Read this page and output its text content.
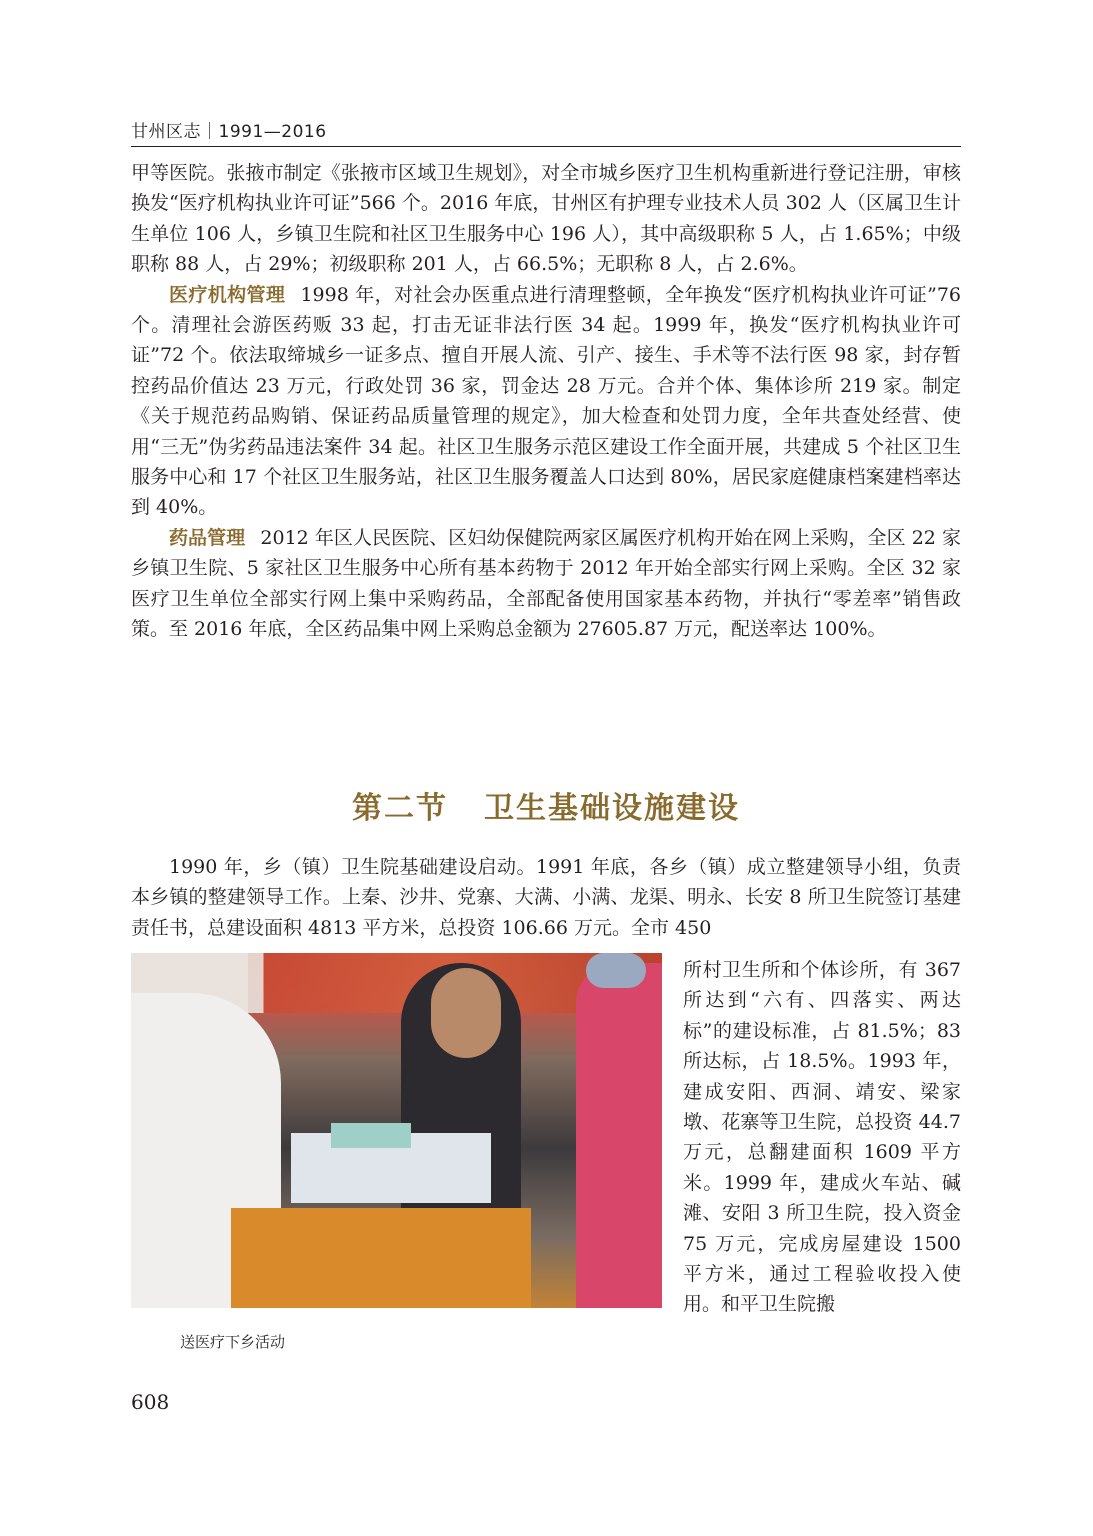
甘州区志｜1991—2016

甲等医院。张掖市制定《张掖市区域卫生规划》，对全市城乡医疗卫生机构重新进行登记注册，审核换发“医疗机构执业许可证”566 个。2016 年底，甘州区有护理专业技术人员 302 人（区属卫生计生单位 106 人，乡镇卫生院和社区卫生服务中心 196 人），其中高级职称 5 人，占 1.65%；中级职称 88 人，占 29%；初级职称 201 人，占 66.5%；无职称 8 人，占 2.6%。

医疗机构管理 1998 年，对社会办医重点进行清理整顿，全年换发“医疗机构执业许可证”76 个。清理社会游医药贩 33 起，打击无证非法行医 34 起。1999 年，换发“医疗机构执业许可证”72 个。依法取缔城乡一证多点、擅自开展人流、引产、接生、手术等不法行医 98 家，封存暂控药品价值达 23 万元，行政处罚 36 家，罚金达 28 万元。合并个体、集体诊所 219 家。制定《关于规范药品购销、保证药品质量管理的规定》，加大检查和处罚力度，全年共查处经营、使用“三无”伪劣药品违法案件 34 起。社区卫生服务示范区建设工作全面开展，共建成 5 个社区卫生服务中心和 17 个社区卫生服务站，社区卫生服务覆盖人口达到 80%，居民家庭健康档案建档率达到 40%。

药品管理 2012 年区人民医院、区妇幼保健院两家区属医疗机构开始在网上采购，全区 22 家乡镇卫生院、5 家社区卫生服务中心所有基本药物于 2012 年开始全部实行网上采购。全区 32 家医疗卫生单位全部实行网上集中采购药品，全部配备使用国家基本药物，并执行“零差率”销售政策。至 2016 年底，全区药品集中网上采购总金额为 27605.87 万元，配送率达 100%。

第二节 卫生基础设施建设

1990 年，乡（镇）卫生院基础建设启动。1991 年底，各乡（镇）成立整建领导小组，负责本乡镇的整建领导工作。上秦、沙井、党寨、大满、小满、龙渠、明永、长安 8 所卫生院签订基建责任书，总建设面积 4813 平方米，总投资 106.66 万元。全市 450

送医疗下乡活动
所村卫生所和个体诊所，有 367 所达到“六有、四落实、两达标”的建设标准，占 81.5%；83 所达标，占 18.5%。1993 年，建成安阳、西洞、靖安、梁家墩、花寨等卫生院，总投资 44.7 万元，总翻建面积 1609 平方米。1999 年，建成火车站、碱滩、安阳 3 所卫生院，投入资金 75 万元，完成房屋建设 1500 平方米，通过工程验收投入使用。和平卫生院搬
608
